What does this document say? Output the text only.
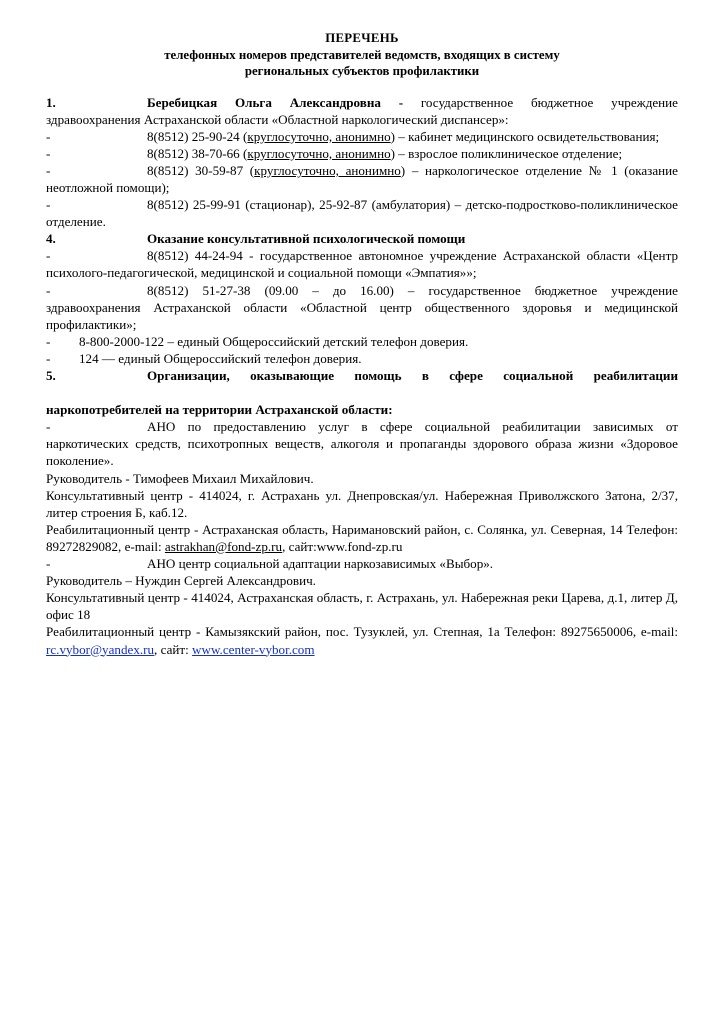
ПЕРЕЧЕНЬ
телефонных номеров представителей ведомств, входящих в систему
региональных субъектов профилактики

1.	Беребицкая Ольга Александровна - государственное бюджетное учреждение здравоохранения Астраханской области «Областной наркологический диспансер»:

-	8(8512) 25-90-24 (круглосуточно, анонимно) – кабинет медицинского освидетельствования;

-	8(8512) 38-70-66 (круглосуточно, анонимно) – взрослое поликлиническое отделение;

-	8(8512) 30-59-87 (круглосуточно, анонимно) – наркологическое отделение № 1 (оказание неотложной помощи);

-	8(8512) 25-99-91 (стационар), 25-92-87 (амбулатория) – детско-подростково-поликлиническое отделение.

4.	Оказание консультативной психологической помощи

-	8(8512) 44-24-94 - государственное автономное учреждение Астраханской области «Центр психолого-педагогической, медицинской и социальной помощи «Эмпатия»»;

-	8(8512) 51-27-38 (09.00 – до 16.00) – государственное бюджетное учреждение здравоохранения Астраханской области «Областной центр общественного здоровья и медицинской профилактики»;

- 8-800-2000-122 – единый Общероссийский детский телефон доверия.

- 124 — единый Общероссийский телефон доверия.

5.	Организации, оказывающие помощь в сфере социальной реабилитации

наркопотребителей на территории Астраханской области:

-	АНО по предоставлению услуг в сфере социальной реабилитации зависимых от наркотических средств, психотропных веществ, алкоголя и пропаганды здорового образа жизни «Здоровое поколение».

Руководитель - Тимофеев Михаил Михайлович.

Консультативный центр - 414024, г. Астрахань ул. Днепровская/ул. Набережная Приволжского Затона, 2/37, литер строения Б, каб.12.

Реабилитационный центр - Астраханская область, Наримановский район, с. Солянка, ул. Северная, 14 Телефон: 89272829082, e-mail: astrakhan@fond-zp.ru, сайт:www.fond-zp.ru

-	АНО центр социальной адаптации наркозависимых «Выбор».

Руководитель – Нуждин Сергей Александрович.

Консультативный центр - 414024, Астраханская область, г. Астрахань, ул. Набережная реки Царева, д.1, литер Д, офис 18

Реабилитационный центр - Камызякский район, пос. Тузуклей, ул. Степная, 1а Телефон: 89275650006, e-mail: rc.vybor@yandex.ru, сайт: www.center-vybor.com
